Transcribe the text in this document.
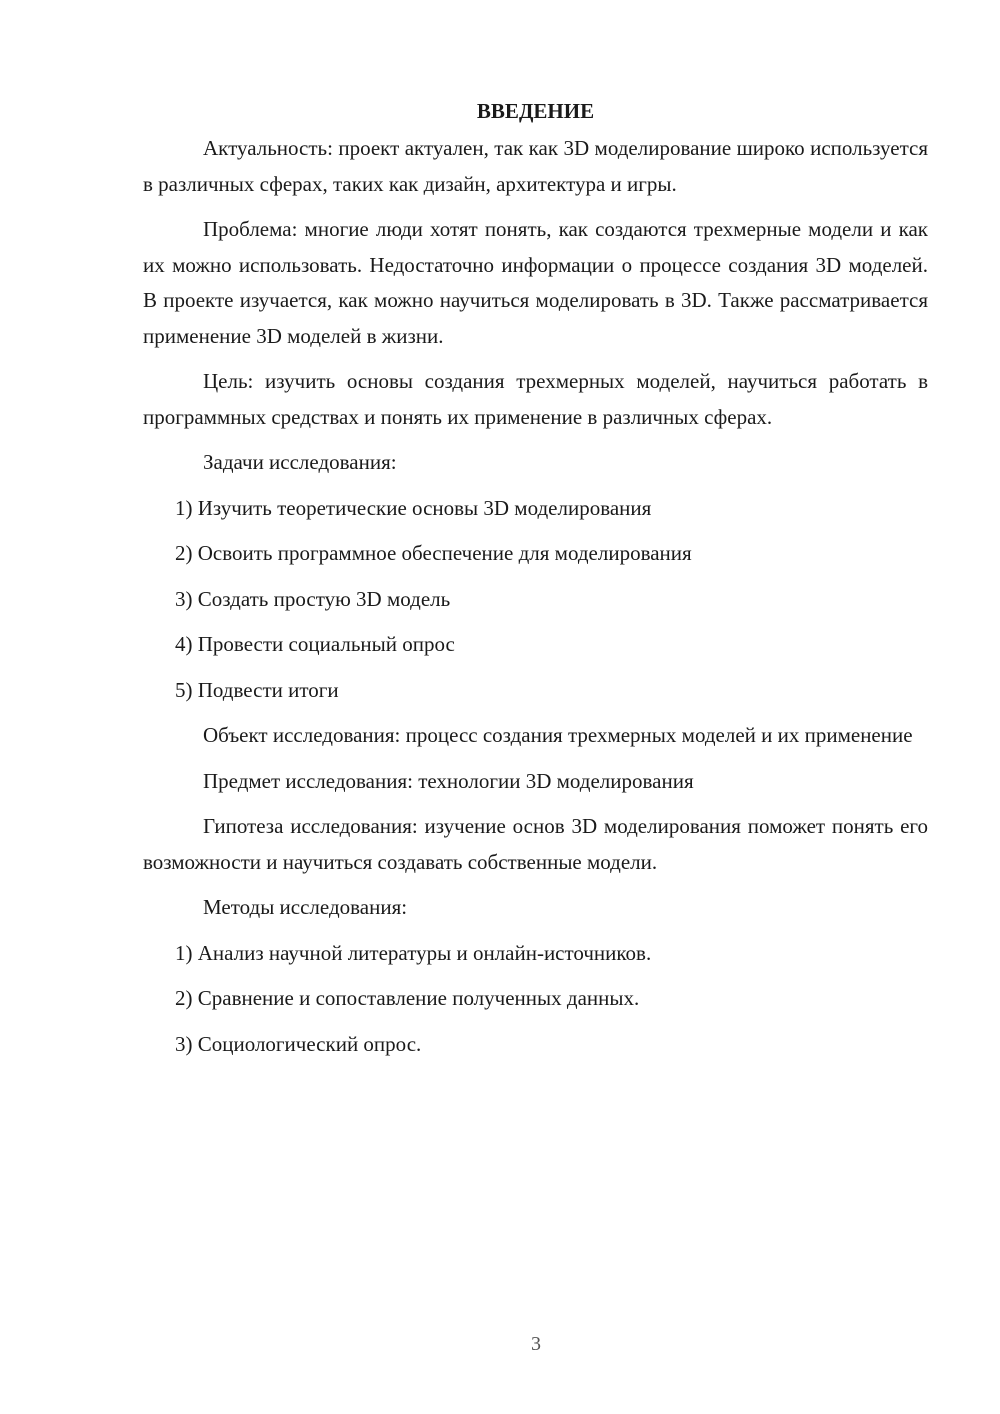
ВВЕДЕНИЕ

Актуальность: проект актуален, так как 3D моделирование широко используется в различных сферах, таких как дизайн, архитектура и игры.

Проблема: многие люди хотят понять, как создаются трехмерные модели и как их можно использовать. Недостаточно информации о процессе создания 3D моделей. В проекте изучается, как можно научиться моделировать в 3D. Также рассматривается применение 3D моделей в жизни.

Цель: изучить основы создания трехмерных моделей, научиться работать в программных средствах и понять их применение в различных сферах.

Задачи исследования:

1) Изучить теоретические основы 3D моделирования
2) Освоить программное обеспечение для моделирования
3) Создать простую 3D модель
4) Провести социальный опрос
5) Подвести итоги

Объект исследования: процесс создания трехмерных моделей и их применение

Предмет исследования: технологии 3D моделирования

Гипотеза исследования: изучение основ 3D моделирования поможет понять его возможности и научиться создавать собственные модели.

Методы исследования:

1) Анализ научной литературы и онлайн-источников.
2) Сравнение и сопоставление полученных данных.
3) Социологический опрос.
3
